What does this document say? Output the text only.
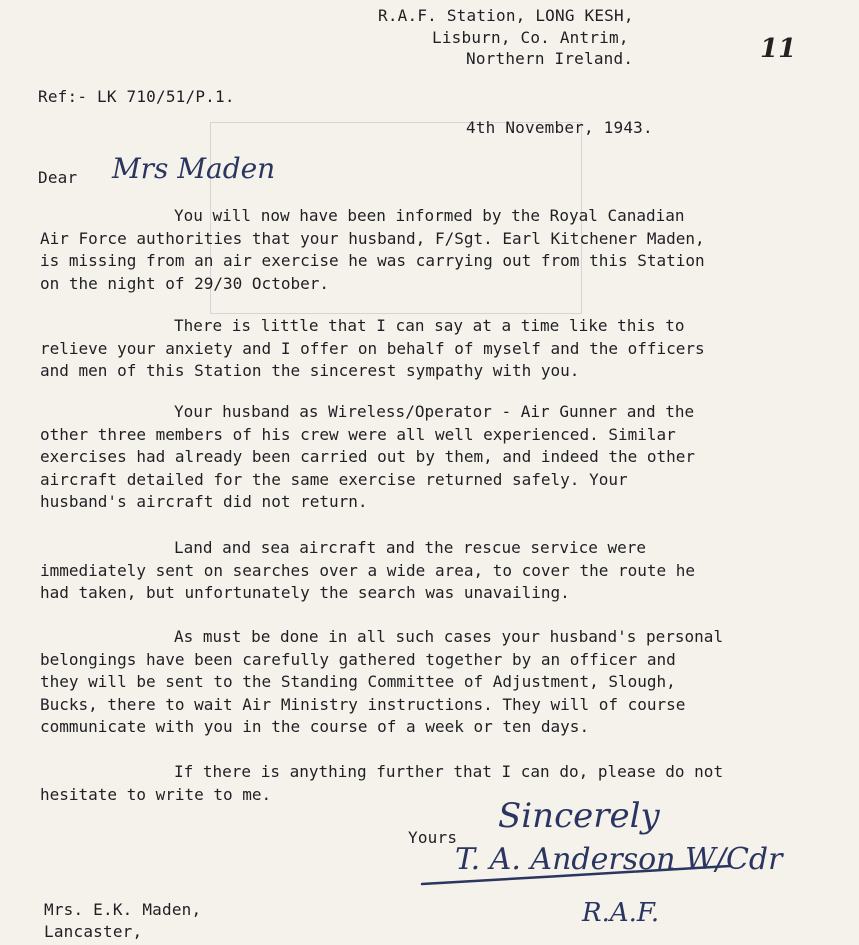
R.A.F. Station, LONG KESH,
Lisburn, Co. Antrim,
Northern Ireland.	11
Ref:- LK 710/51/P.1.
4th November, 1943.
Dear Mrs Maden
You will now have been informed by the Royal Canadian
Air Force authorities that your husband, F/Sgt. Earl Kitchener Maden,
is missing from an air exercise he was carrying out from this Station
on the night of 29/30 October.
There is little that I can say at a time like this to
relieve your anxiety and I offer on behalf of myself and the officers
and men of this Station the sincerest sympathy with you.
Your husband as Wireless/Operator - Air Gunner and the
other three members of his crew were all well experienced. Similar
exercises had already been carried out by them, and indeed the other
aircraft detailed for the same exercise returned safely. Your
husband's aircraft did not return.
Land and sea aircraft and the rescue service were
immediately sent on searches over a wide area, to cover the route he
had taken, but unfortunately the search was unavailing.
As must be done in all such cases your husband's personal
belongings have been carefully gathered together by an officer and
they will be sent to the Standing Committee of Adjustment, Slough,
Bucks, there to wait Air Ministry instructions. They will of course
communicate with you in the course of a week or ten days.
If there is anything further that I can do, please do not
hesitate to write to me.
Yours
Sincerely
T. A. Anderson W/Cdr
R.A.F.
Mrs. E.K. Maden,
Lancaster,
